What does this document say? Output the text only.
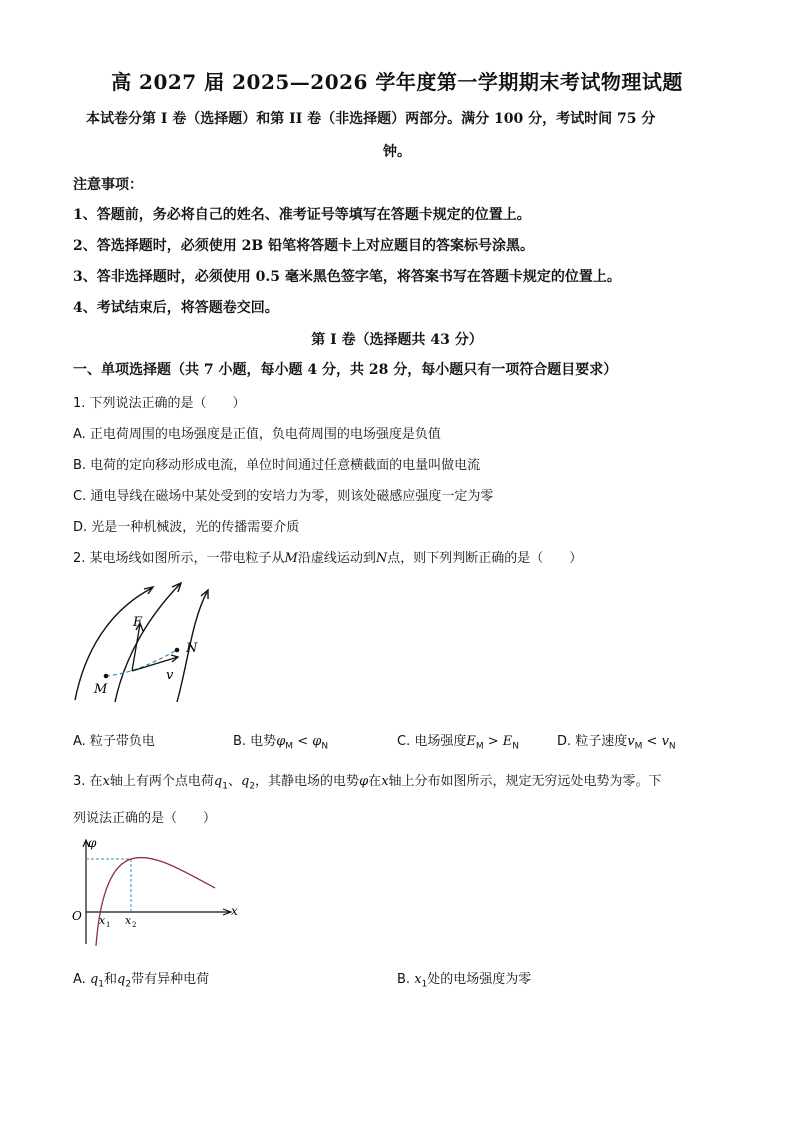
高 2027 届 2025—2026 学年度第一学期期末考试物理试题
本试卷分第 I 卷（选择题）和第 II 卷（非选择题）两部分。满分 100 分，考试时间 75 分
钟。
注意事项：
1、答题前，务必将自己的姓名、准考证号等填写在答题卡规定的位置上。
2、答选择题时，必须使用 2B 铅笔将答题卡上对应题目的答案标号涂黑。
3、答非选择题时，必须使用 0.5 毫米黑色签字笔，将答案书写在答题卡规定的位置上。
4、考试结束后，将答题卷交回。
第 I 卷（选择题共 43 分）
一、单项选择题（共 7 小题，每小题 4 分，共 28 分，每小题只有一项符合题目要求）
1. 下列说法正确的是（　　）
A. 正电荷周围的电场强度是正值，负电荷周围的电场强度是负值
B. 电荷的定向移动形成电流，单位时间通过任意横截面的电量叫做电流
C. 通电导线在磁场中某处受到的安培力为零，则该处磁感应强度一定为零
D. 光是一种机械波，光的传播需要介质
2. 某电场线如图所示，一带电粒子从M沿虚线运动到N点，则下列判断正确的是（　　）
F
N
M
v
A. 粒子带负电	B. 电势$\varphi_M < \varphi_N$	C. 电场强度$E_M > E_N$	D. 粒子速度$v_M < v_N$
3. 在x轴上有两个点电荷$q_1$、$q_2$，其静电场的电势φ在x轴上分布如图所示，规定无穷远处电势为零。下
列说法正确的是（　　）
φ
O	x
x 1 x 2
A. $q_1$和$q_2$带有异种电荷	B. $x_1$处的电场强度为零
